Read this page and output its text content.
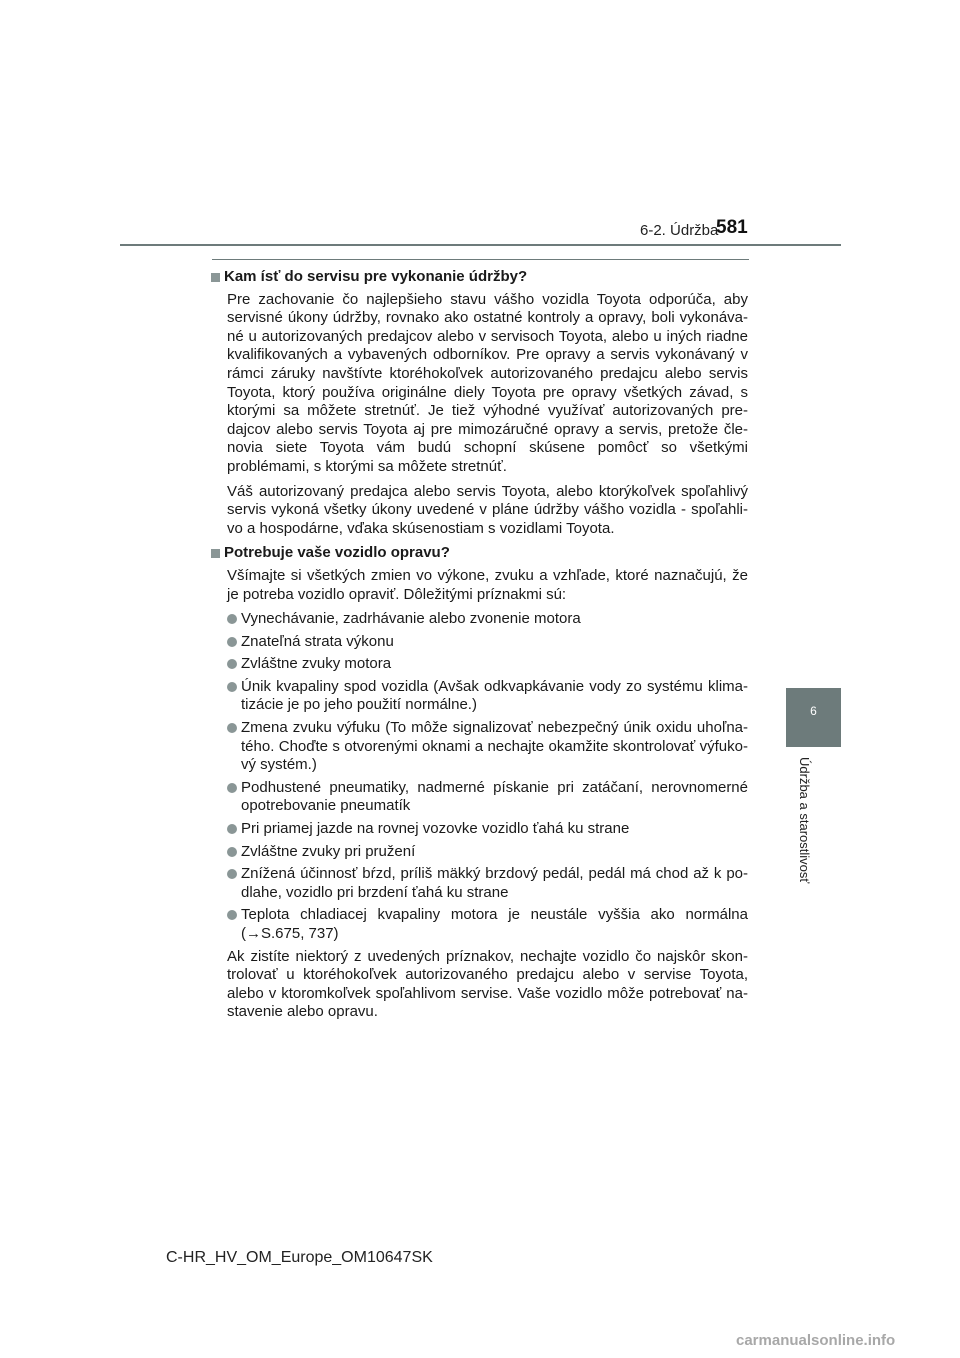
6-2. Údržba
581
6
Údržba a starostlivosť
Kam ísť do servisu pre vykonanie údržby?

Pre zachovanie čo najlepšieho stavu vášho vozidla Toyota odporúča, aby servisné úkony údržby, rovnako ako ostatné kontroly a opravy, boli vykonáva-né u autorizovaných predajcov alebo v servisoch Toyota, alebo u iných riadne kvalifikovaných a vybavených odborníkov. Pre opravy a servis vykonávaný v rámci záruky navštívte ktoréhokoľvek autorizovaného predajcu alebo servis Toyota, ktorý používa originálne diely Toyota pre opravy všetkých závad, s ktorými sa môžete stretnúť. Je tiež výhodné využívať autorizovaných pre-dajcov alebo servis Toyota aj pre mimozáručné opravy a servis, pretože čle-novia siete Toyota vám budú schopní skúsene pomôcť so všetkými problémami, s ktorými sa môžete stretnúť.

Váš autorizovaný predajca alebo servis Toyota, alebo ktorýkoľvek spoľahlivý servis vykoná všetky úkony uvedené v pláne údržby vášho vozidla - spoľahli-vo a hospodárne, vďaka skúsenostiam s vozidlami Toyota.

Potrebuje vaše vozidlo opravu?

Všímajte si všetkých zmien vo výkone, zvuku a vzhľade, ktoré naznačujú, že je potreba vozidlo opraviť. Dôležitými príznakmi sú:

Vynechávanie, zadrhávanie alebo zvonenie motora
Znateľná strata výkonu
Zvláštne zvuky motora
Únik kvapaliny spod vozidla (Avšak odkvapkávanie vody zo systému klima-tizácie je po jeho použití normálne.)
Zmena zvuku výfuku (To môže signalizovať nebezpečný únik oxidu uhoľna-tého. Choďte s otvorenými oknami a nechajte okamžite skontrolovať výfuko-vý systém.)
Podhustené pneumatiky, nadmerné pískanie pri zatáčaní, nerovnomerné opotrebovanie pneumatík
Pri priamej jazde na rovnej vozovke vozidlo ťahá ku strane
Zvláštne zvuky pri pružení
Znížená účinnosť bŕzd, príliš mäkký brzdový pedál, pedál má chod až k po-dlahe, vozidlo pri brzdení ťahá ku strane
Teplota chladiacej kvapaliny motora je neustále vyššia ako normálna (→S.675, 737)

Ak zistíte niektorý z uvedených príznakov, nechajte vozidlo čo najskôr skon-trolovať u ktoréhokoľvek autorizovaného predajcu alebo v servise Toyota, alebo v ktoromkoľvek spoľahlivom servise. Vaše vozidlo môže potrebovať na-stavenie alebo opravu.

C-HR_HV_OM_Europe_OM10647SK
carmanualsonline.info
